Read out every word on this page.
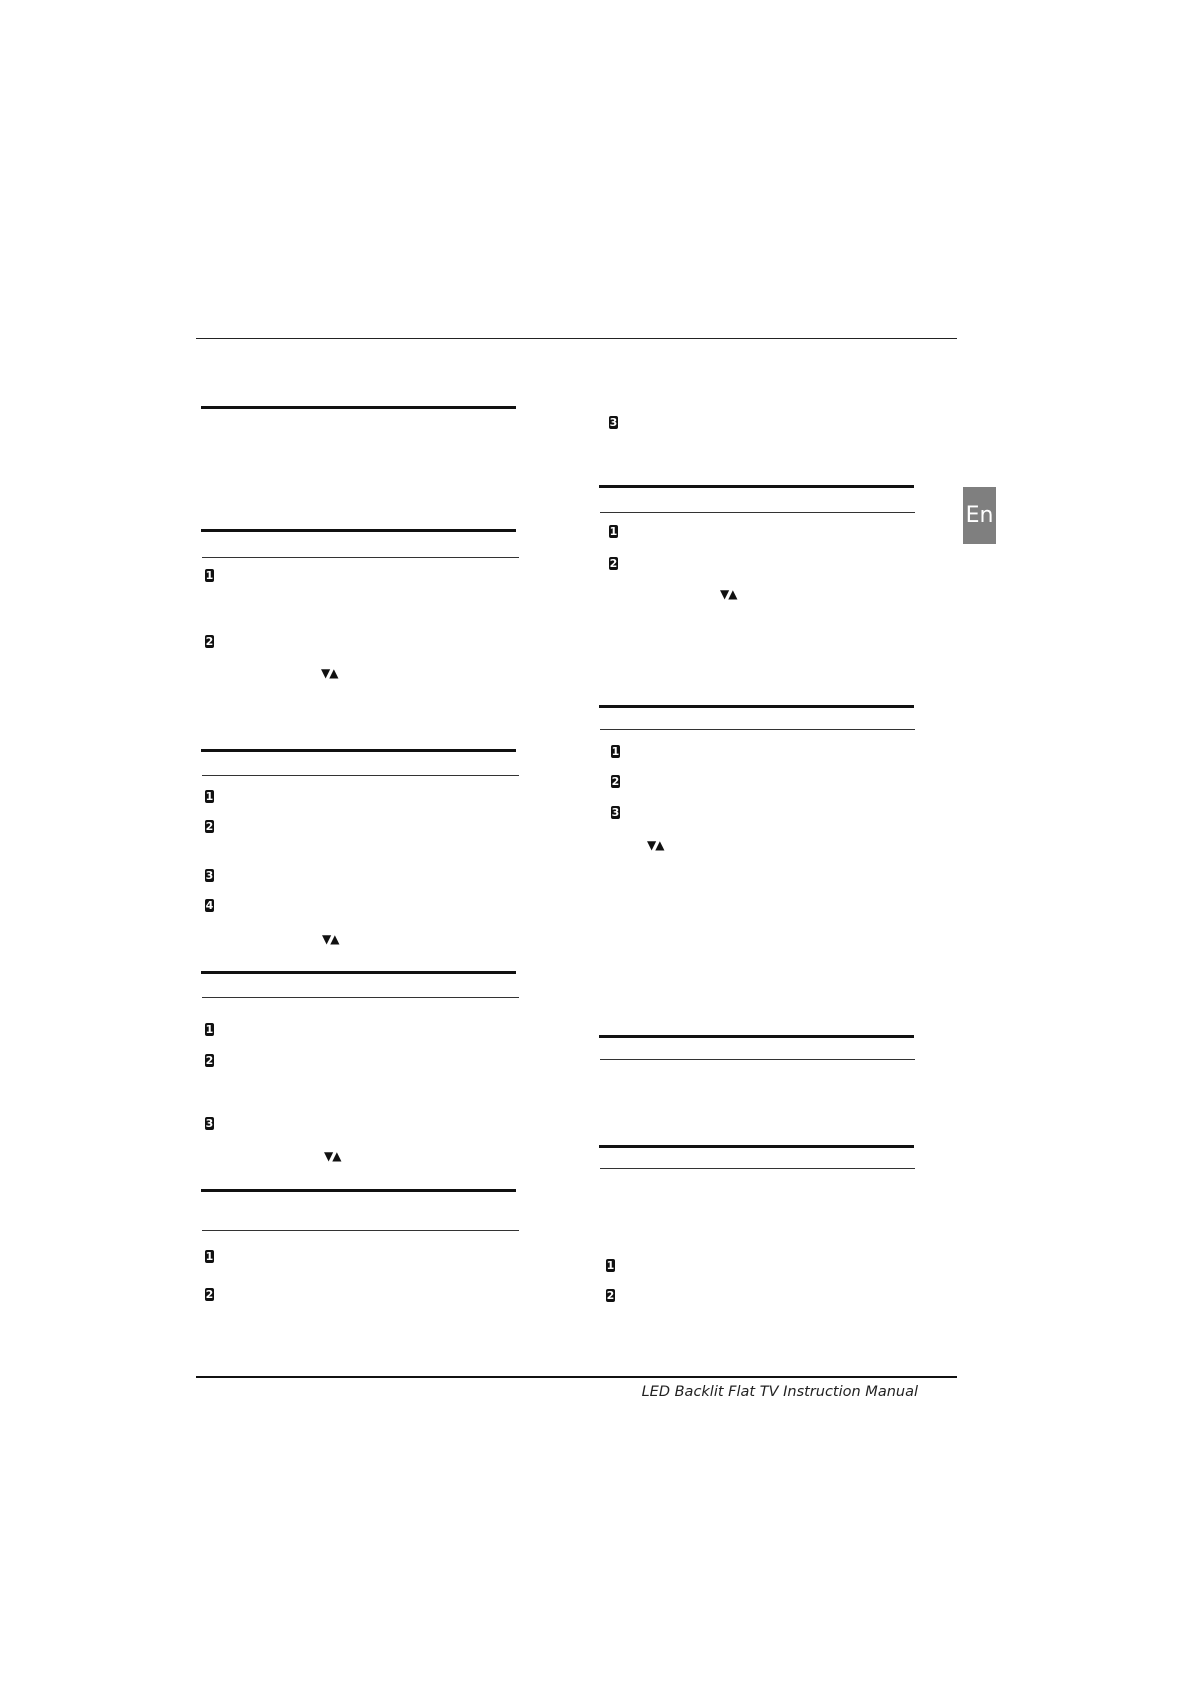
En
1
2
▼▲
1
2
3
4
▼▲
1
2
3
▼▲
1
2
3
1
2
▼▲
1
2
3
▼▲
1
2
LED Backlit Flat TV Instruction Manual
